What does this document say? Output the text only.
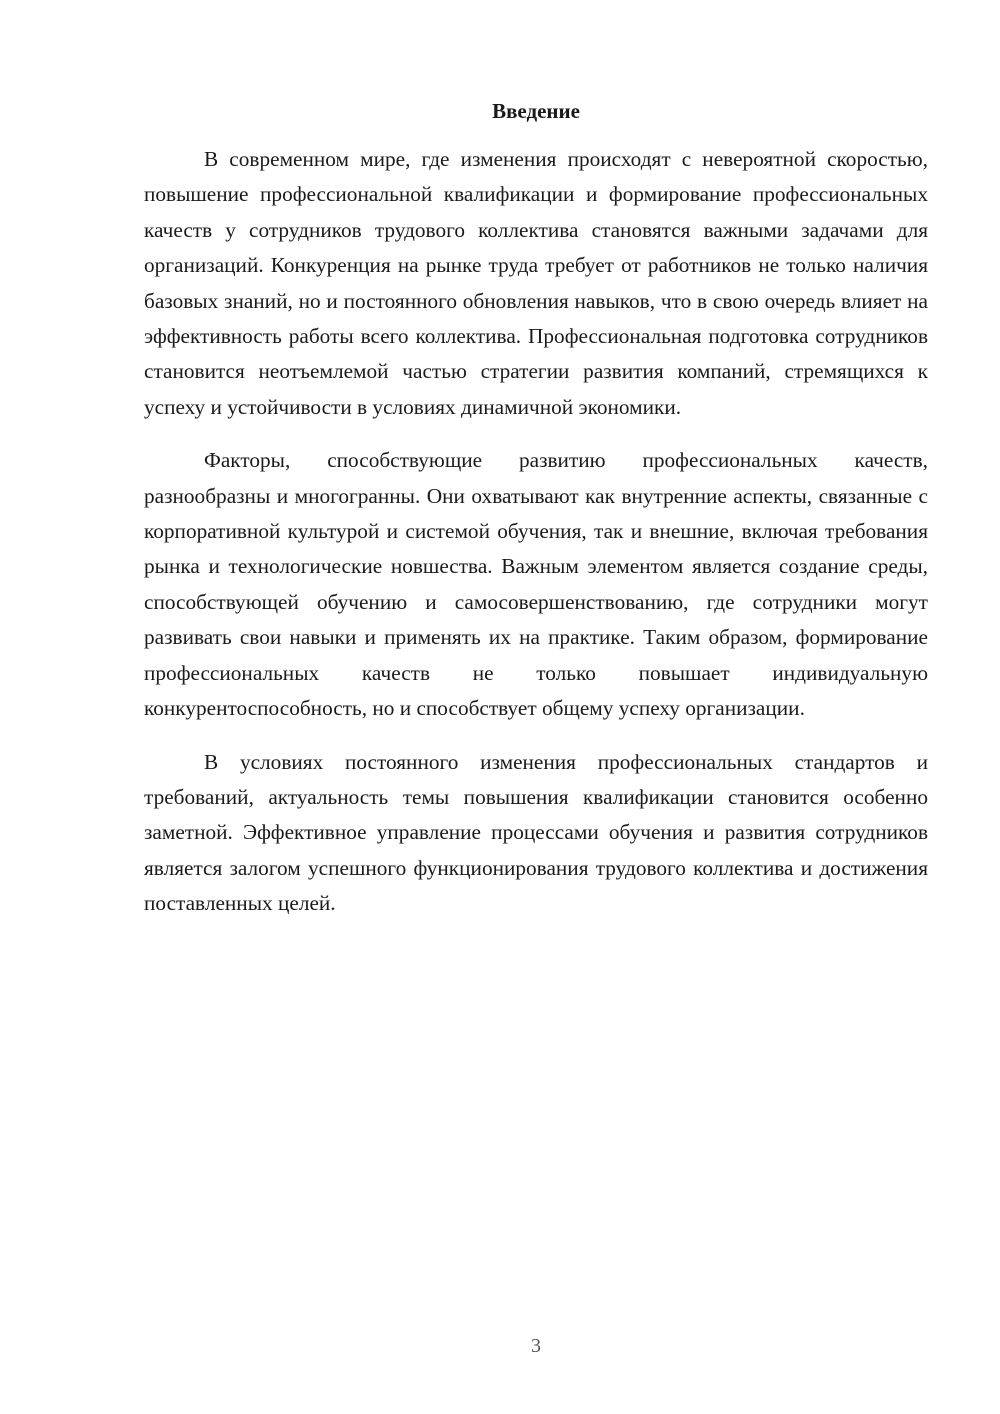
Введение

В современном мире, где изменения происходят с невероятной скоростью, повышение профессиональной квалификации и формирование профессиональных качеств у сотрудников трудового коллектива становятся важными задачами для организаций. Конкуренция на рынке труда требует от работников не только наличия базовых знаний, но и постоянного обновления навыков, что в свою очередь влияет на эффективность работы всего коллектива. Профессиональная подготовка сотрудников становится неотъемлемой частью стратегии развития компаний, стремящихся к успеху и устойчивости в условиях динамичной экономики.

Факторы, способствующие развитию профессиональных качеств, разнообразны и многогранны. Они охватывают как внутренние аспекты, связанные с корпоративной культурой и системой обучения, так и внешние, включая требования рынка и технологические новшества. Важным элементом является создание среды, способствующей обучению и самосовершенствованию, где сотрудники могут развивать свои навыки и применять их на практике. Таким образом, формирование профессиональных качеств не только повышает индивидуальную конкурентоспособность, но и способствует общему успеху организации.

В условиях постоянного изменения профессиональных стандартов и требований, актуальность темы повышения квалификации становится особенно заметной. Эффективное управление процессами обучения и развития сотрудников является залогом успешного функционирования трудового коллектива и достижения поставленных целей.

3
